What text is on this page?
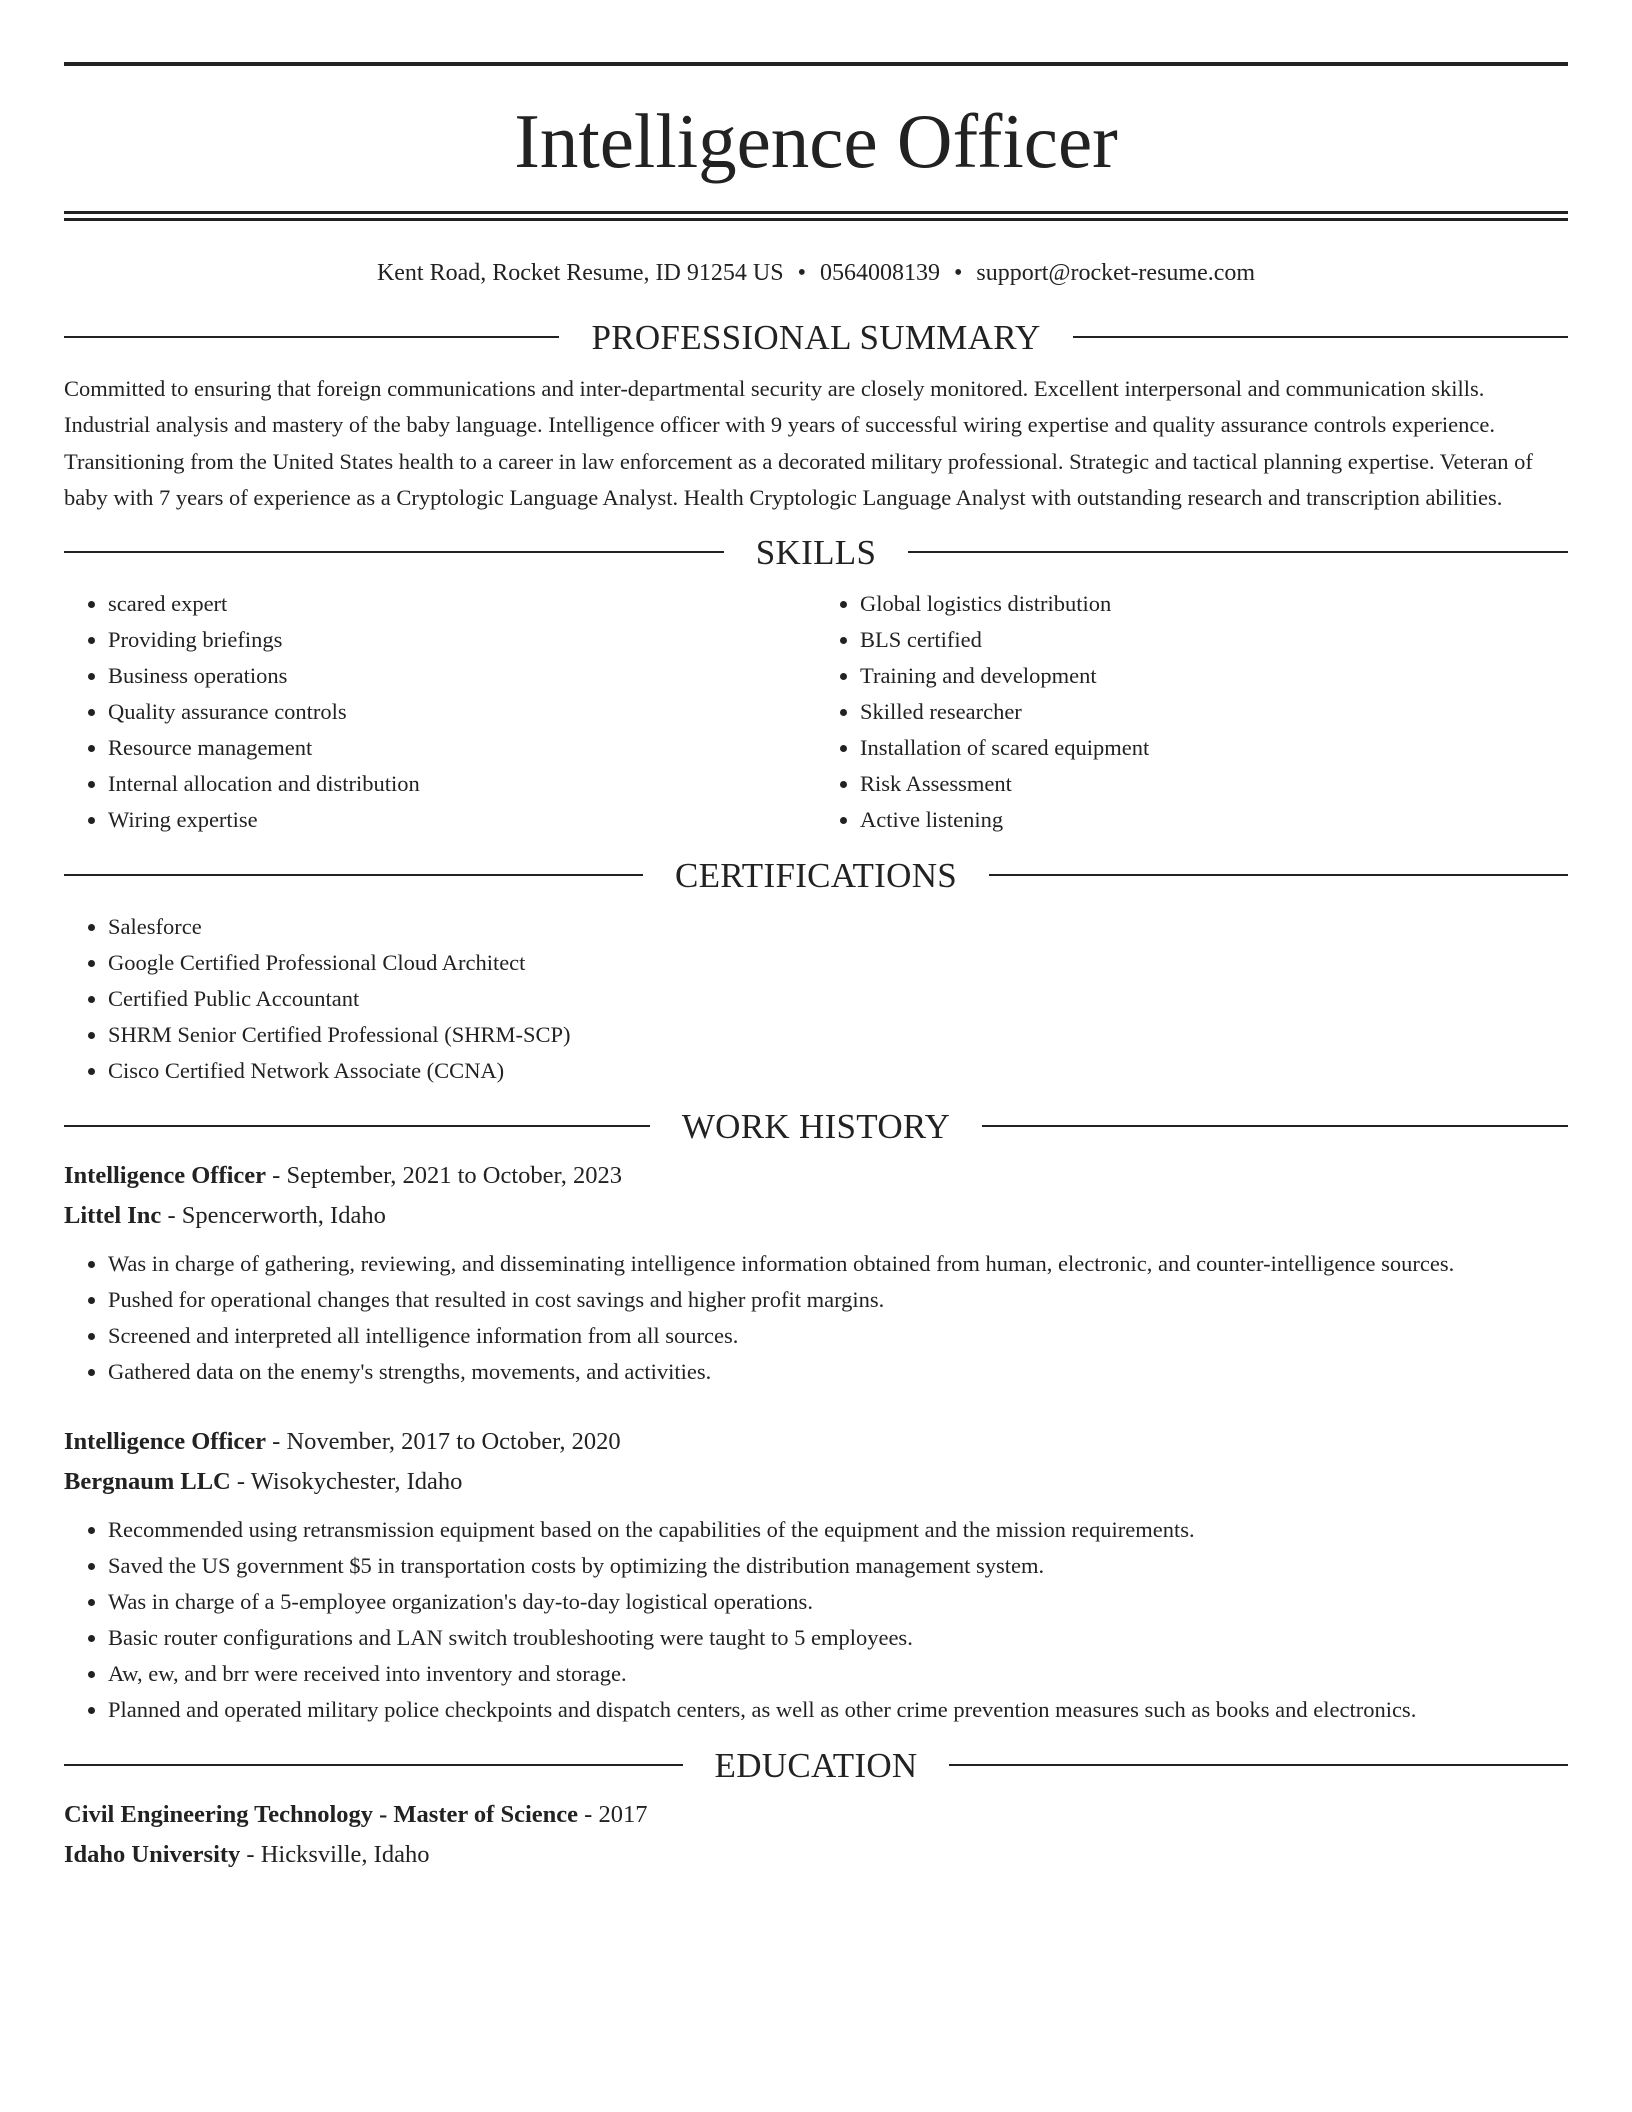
Intelligence Officer
Kent Road, Rocket Resume, ID 91254 US • 0564008139 • support@rocket-resume.com
PROFESSIONAL SUMMARY

Committed to ensuring that foreign communications and inter-departmental security are closely monitored. Excellent interpersonal and communication skills. Industrial analysis and mastery of the baby language. Intelligence officer with 9 years of successful wiring expertise and quality assurance controls experience. Transitioning from the United States health to a career in law enforcement as a decorated military professional. Strategic and tactical planning expertise. Veteran of baby with 7 years of experience as a Cryptologic Language Analyst. Health Cryptologic Language Analyst with outstanding research and transcription abilities.

SKILLS
• scared expert
• Providing briefings
• Business operations
• Quality assurance controls
• Resource management
• Internal allocation and distribution
• Wiring expertise
• Global logistics distribution
• BLS certified
• Training and development
• Skilled researcher
• Installation of scared equipment
• Risk Assessment
• Active listening
CERTIFICATIONS
• Salesforce
• Google Certified Professional Cloud Architect
• Certified Public Accountant
• SHRM Senior Certified Professional (SHRM-SCP)
• Cisco Certified Network Associate (CCNA)
WORK HISTORY

Intelligence Officer - September, 2021 to October, 2023

Littel Inc - Spencerworth, Idaho

• Was in charge of gathering, reviewing, and disseminating intelligence information obtained from human, electronic, and counter-intelligence sources.
• Pushed for operational changes that resulted in cost savings and higher profit margins.
• Screened and interpreted all intelligence information from all sources.
• Gathered data on the enemy's strengths, movements, and activities.

Intelligence Officer - November, 2017 to October, 2020

Bergnaum LLC - Wisokychester, Idaho

• Recommended using retransmission equipment based on the capabilities of the equipment and the mission requirements.
• Saved the US government $5 in transportation costs by optimizing the distribution management system.
• Was in charge of a 5-employee organization's day-to-day logistical operations.
• Basic router configurations and LAN switch troubleshooting were taught to 5 employees.
• Aw, ew, and brr were received into inventory and storage.
• Planned and operated military police checkpoints and dispatch centers, as well as other crime prevention measures such as books and electronics.
EDUCATION

Civil Engineering Technology - Master of Science - 2017

Idaho University - Hicksville, Idaho
